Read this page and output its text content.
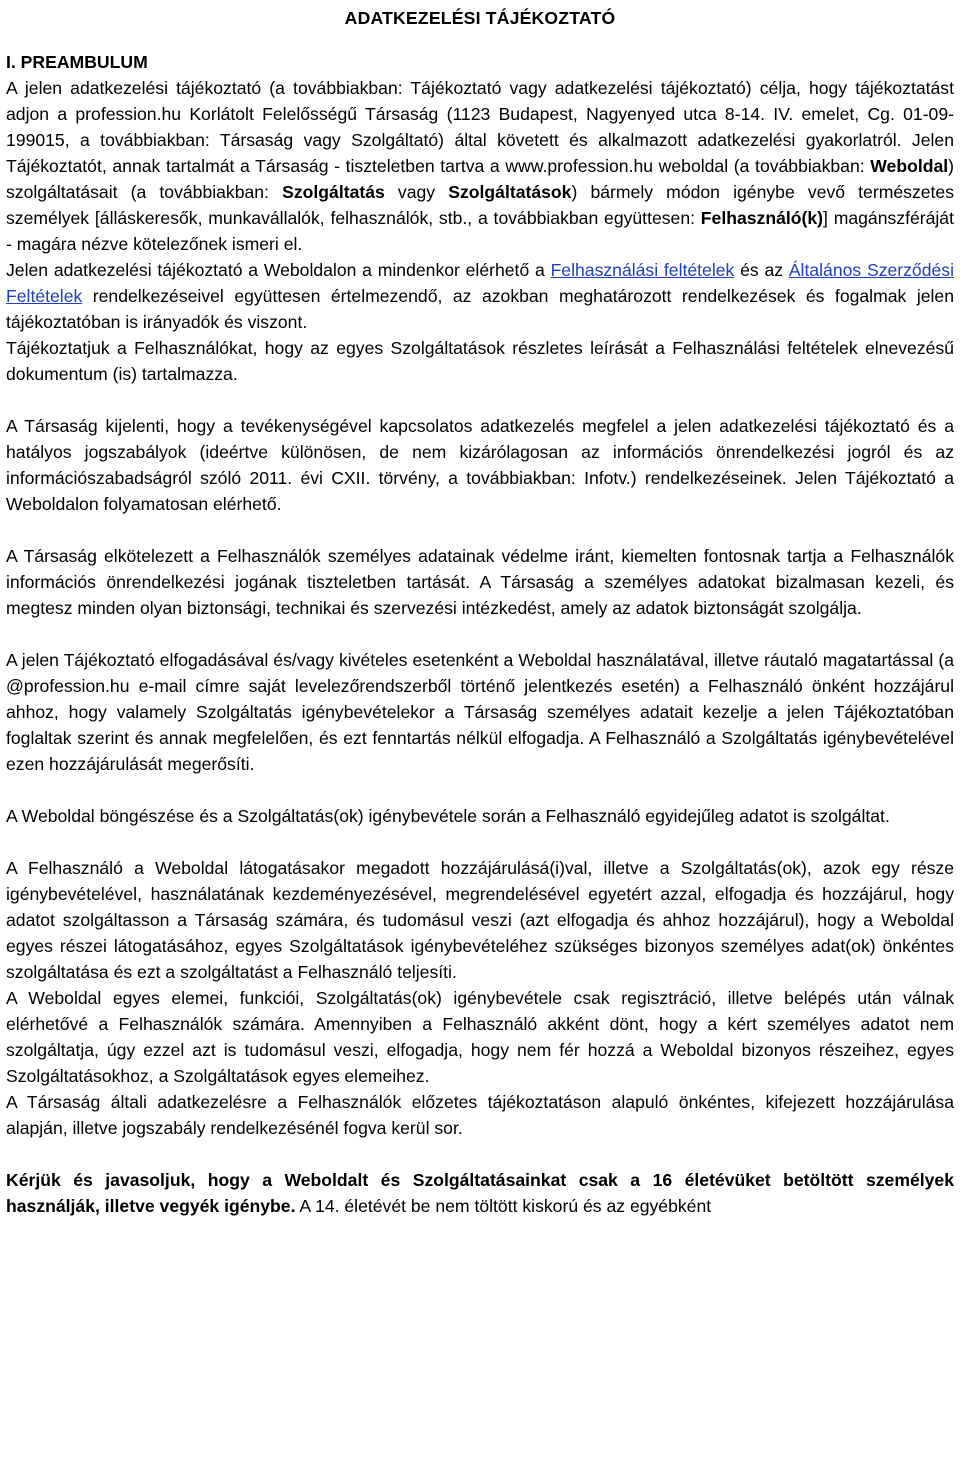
ADATKEZELÉSI TÁJÉKOZTATÓ
I. PREAMBULUM

A jelen adatkezelési tájékoztató (a továbbiakban: Tájékoztató vagy adatkezelési tájékoztató) célja, hogy tájékoztatást adjon a profession.hu Korlátolt Felelősségű Társaság (1123 Budapest, Nagyenyed utca 8-14. IV. emelet, Cg. 01-09-199015, a továbbiakban: Társaság vagy Szolgáltató) által követett és alkalmazott adatkezelési gyakorlatról. Jelen Tájékoztatót, annak tartalmát a Társaság - tiszteletben tartva a www.profession.hu weboldal (a továbbiakban: Weboldal) szolgáltatásait (a továbbiakban: Szolgáltatás vagy Szolgáltatások) bármely módon igénybe vevő természetes személyek [álláskeresők, munkavállalók, felhasználók, stb., a továbbiakban együttesen: Felhasználó(k)] magánszféráját - magára nézve kötelezőnek ismeri el.

Jelen adatkezelési tájékoztató a Weboldalon a mindenkor elérhető a Felhasználási feltételek és az Általános Szerződési Feltételek rendelkezéseivel együttesen értelmezendő, az azokban meghatározott rendelkezések és fogalmak jelen tájékoztatóban is irányadók és viszont.

Tájékoztatjuk a Felhasználókat, hogy az egyes Szolgáltatások részletes leírását a Felhasználási feltételek elnevezésű dokumentum (is) tartalmazza.

A Társaság kijelenti, hogy a tevékenységével kapcsolatos adatkezelés megfelel a jelen adatkezelési tájékoztató és a hatályos jogszabályok (ideértve különösen, de nem kizárólagosan az információs önrendelkezési jogról és az információszabadságról szóló 2011. évi CXII. törvény, a továbbiakban: Infotv.) rendelkezéseinek. Jelen Tájékoztató a Weboldalon folyamatosan elérhető.

A Társaság elkötelezett a Felhasználók személyes adatainak védelme iránt, kiemelten fontosnak tartja a Felhasználók információs önrendelkezési jogának tiszteletben tartását. A Társaság a személyes adatokat bizalmasan kezeli, és megtesz minden olyan biztonsági, technikai és szervezési intézkedést, amely az adatok biztonságát szolgálja.

A jelen Tájékoztató elfogadásával és/vagy kivételes esetenként a Weboldal használatával, illetve ráutaló magatartással (a @profession.hu e-mail címre saját levelezőrendszerből történő jelentkezés esetén) a Felhasználó önként hozzájárul ahhoz, hogy valamely Szolgáltatás igénybevételekor a Társaság személyes adatait kezelje a jelen Tájékoztatóban foglaltak szerint és annak megfelelően, és ezt fenntartás nélkül elfogadja. A Felhasználó a Szolgáltatás igénybevételével ezen hozzájárulását megerősíti.

A Weboldal böngészése és a Szolgáltatás(ok) igénybevétele során a Felhasználó egyidejűleg adatot is szolgáltat.

A Felhasználó a Weboldal látogatásakor megadott hozzájárulásá(i)val, illetve a Szolgáltatás(ok), azok egy része igénybevételével, használatának kezdeményezésével, megrendelésével egyetért azzal, elfogadja és hozzájárul, hogy adatot szolgáltasson a Társaság számára, és tudomásul veszi (azt elfogadja és ahhoz hozzájárul), hogy a Weboldal egyes részei látogatásához, egyes Szolgáltatások igénybevételéhez szükséges bizonyos személyes adat(ok) önkéntes szolgáltatása és ezt a szolgáltatást a Felhasználó teljesíti.

A Weboldal egyes elemei, funkciói, Szolgáltatás(ok) igénybevétele csak regisztráció, illetve belépés után válnak elérhetővé a Felhasználók számára. Amennyiben a Felhasználó akként dönt, hogy a kért személyes adatot nem szolgáltatja, úgy ezzel azt is tudomásul veszi, elfogadja, hogy nem fér hozzá a Weboldal bizonyos részeihez, egyes Szolgáltatásokhoz, a Szolgáltatások egyes elemeihez.

A Társaság általi adatkezelésre a Felhasználók előzetes tájékoztatáson alapuló önkéntes, kifejezett hozzájárulása alapján, illetve jogszabály rendelkezésénél fogva kerül sor.

Kérjük és javasoljuk, hogy a Weboldalt és Szolgáltatásainkat csak a 16 életévüket betöltött személyek használják, illetve vegyék igénybe. A 14. életévét be nem töltött kiskorú és az egyébként
